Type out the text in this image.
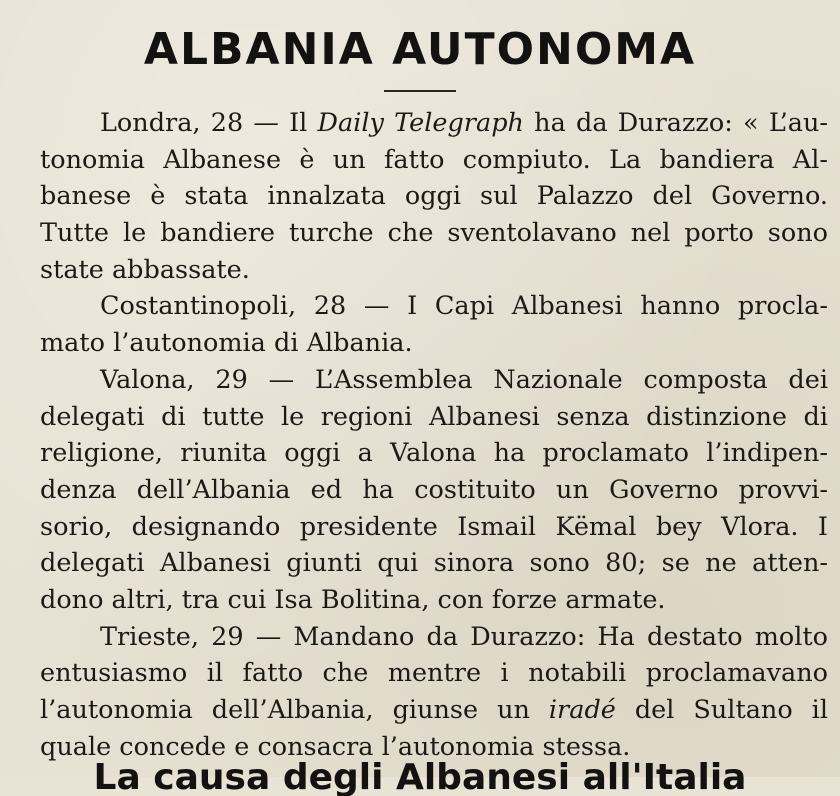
ALBANIA AUTONOMA
Londra, 28 — Il Daily Telegraph ha da Durazzo: « L’au-
tonomia Albanese è un fatto compiuto. La bandiera Al-
banese è stata innalzata oggi sul Palazzo del Governo.
Tutte le bandiere turche che sventolavano nel porto sono
state abbassate.
Costantinopoli, 28 — I Capi Albanesi hanno procla-
mato l’autonomia di Albania.
Valona, 29 — L’Assemblea Nazionale composta dei
delegati di tutte le regioni Albanesi senza distinzione di
religione, riunita oggi a Valona ha proclamato l’indipen-
denza dell’Albania ed ha costituito un Governo provvi-
sorio, designando presidente Ismail Këmal bey Vlora. I
delegati Albanesi giunti qui sinora sono 80; se ne atten-
dono altri, tra cui Isa Bolitina, con forze armate.
Trieste, 29 — Mandano da Durazzo: Ha destato molto
entusiasmo il fatto che mentre i notabili proclamavano
l’autonomia dell’Albania, giunse un iradé del Sultano il
quale concede e consacra l’autonomia stessa.
La causa degli Albanesi all'Italia
